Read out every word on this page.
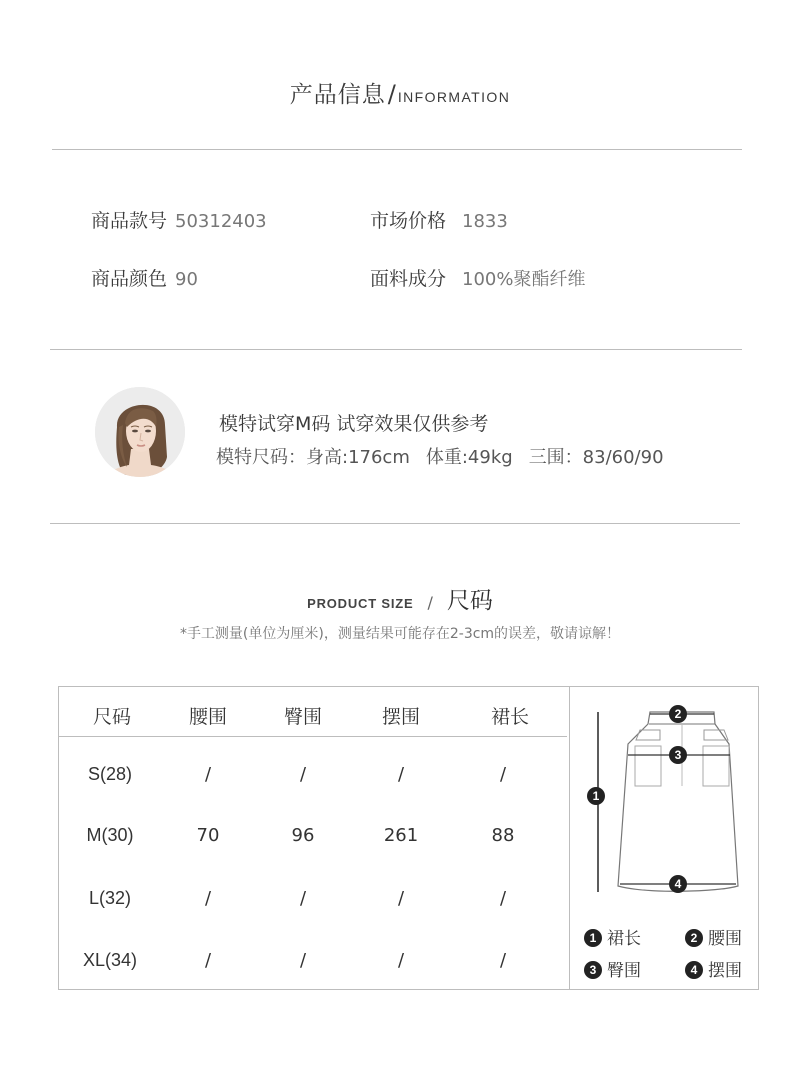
产品信息/ INFORMATION
商品款号 50312403	市场价格 1833
商品颜色 90	面料成分 100%聚酯纤维
模特试穿M码 试穿效果仅供参考
模特尺码：身高:176cm 体重:49kg 三围：83/60/90
PRODUCT SIZE / 尺码
*手工测量(单位为厘米)，测量结果可能存在2-3cm的误差，敬请谅解！
尺码	腰围	臀围	摆围	裙长
S(28)	/	/	/	/
M(30)	70	96	261	88
L(32)	/	/	/	/
XL(34)	/	/	/	/
1
2
3
4
1 裙长	2 腰围
3 臀围	4 摆围
